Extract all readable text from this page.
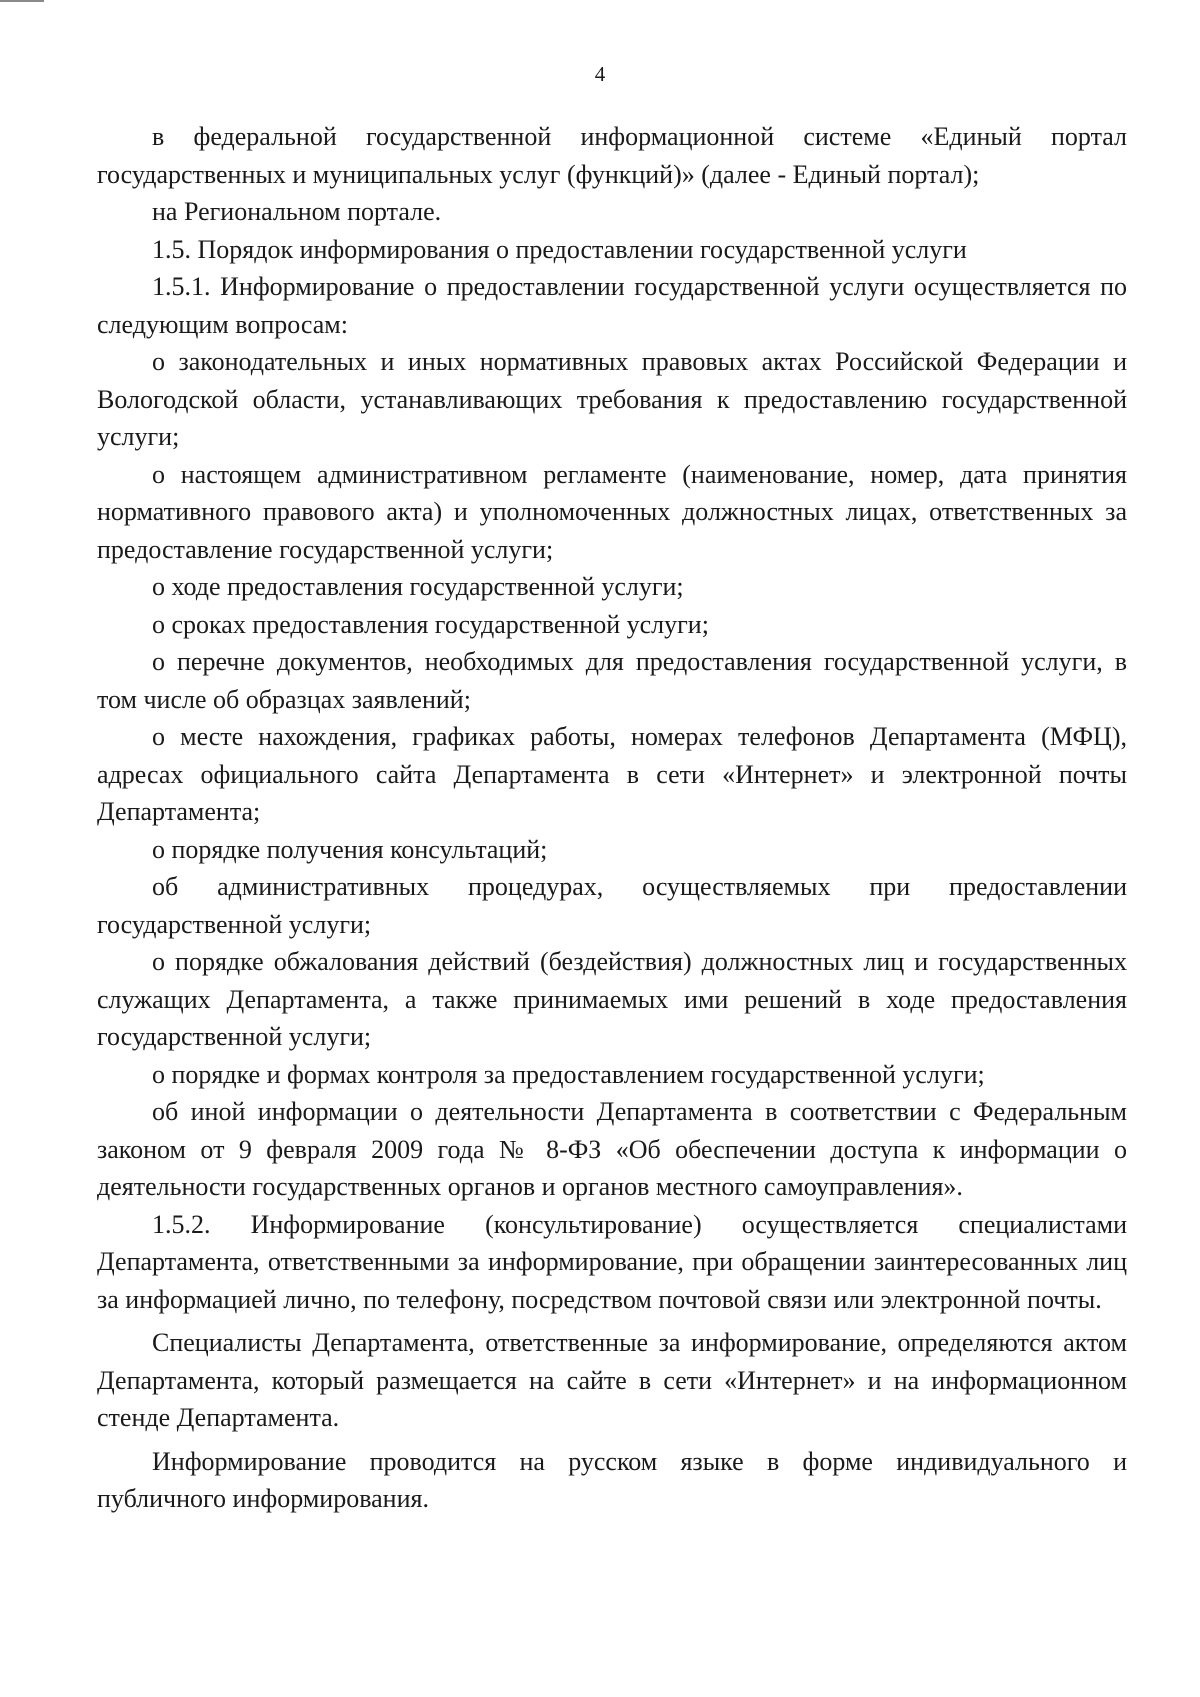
4

в федеральной государственной информационной системе «Единый портал государственных и муниципальных услуг (функций)» (далее - Единый портал);

на Региональном портале.

1.5. Порядок информирования о предоставлении государственной услуги

1.5.1. Информирование о предоставлении государственной услуги осуществляется по следующим вопросам:

о законодательных и иных нормативных правовых актах Российской Федерации и Вологодской области, устанавливающих требования к предоставлению государственной услуги;

о настоящем административном регламенте (наименование, номер, дата принятия нормативного правового акта) и уполномоченных должностных лицах, ответственных за предоставление государственной услуги;

о ходе предоставления государственной услуги;

о сроках предоставления государственной услуги;

о перечне документов, необходимых для предоставления государственной услуги, в том числе об образцах заявлений;

о месте нахождения, графиках работы, номерах телефонов Департамента (МФЦ), адресах официального сайта Департамента в сети «Интернет» и электронной почты Департамента;

о порядке получения консультаций;

об административных процедурах, осуществляемых при предоставлении государственной услуги;

о порядке обжалования действий (бездействия) должностных лиц и государственных служащих Департамента, а также принимаемых ими решений в ходе предоставления государственной услуги;

о порядке и формах контроля за предоставлением государственной услуги;

об иной информации о деятельности Департамента в соответствии с Федеральным законом от 9 февраля 2009 года № 8-ФЗ «Об обеспечении доступа к информации о деятельности государственных органов и органов местного самоуправления».

1.5.2. Информирование (консультирование) осуществляется специалистами Департамента, ответственными за информирование, при обращении заинтересованных лиц за информацией лично, по телефону, посредством почтовой связи или электронной почты.

Специалисты Департамента, ответственные за информирование, определяются актом Департамента, который размещается на сайте в сети «Интернет» и на информационном стенде Департамента.

Информирование проводится на русском языке в форме индивидуального и публичного информирования.
